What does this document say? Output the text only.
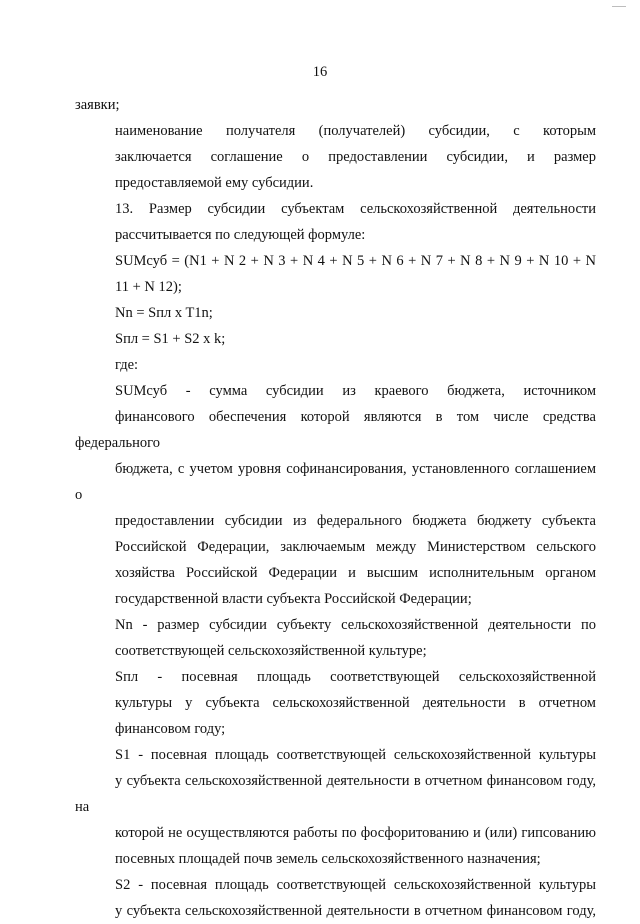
16

заявки;

наименование получателя (получателей) субсидии, с которым
заключается соглашение о предоставлении субсидии, и размер
предоставляемой ему субсидии.

13. Размер субсидии субъектам сельскохозяйственной деятельности
рассчитывается по следующей формуле:

SUMсуб = (N1 + N 2 + N 3 + N 4 + N 5 + N 6 + N 7 + N 8 + N 9 + N 10 + N
11 + N 12);

Nn = Sпл x T1n;

Sпл = S1 + S2 x k;

где:

SUMсуб - сумма субсидии из краевого бюджета, источником
финансового обеспечения которой являются в том числе средства федерального
бюджета, с учетом уровня софинансирования, установленного соглашением о
предоставлении субсидии из федерального бюджета бюджету субъекта
Российской Федерации, заключаемым между Министерством сельского
хозяйства Российской Федерации и высшим исполнительным органом
государственной власти субъекта Российской Федерации;

Nn - размер субсидии субъекту сельскохозяйственной деятельности по
соответствующей сельскохозяйственной культуре;

Sпл - посевная площадь соответствующей сельскохозяйственной
культуры у субъекта сельскохозяйственной деятельности в отчетном
финансовом году;

S1 - посевная площадь соответствующей сельскохозяйственной культуры
у субъекта сельскохозяйственной деятельности в отчетном финансовом году, на
которой не осуществляются работы по фосфоритованию и (или) гипсованию
посевных площадей почв земель сельскохозяйственного назначения;

S2 - посевная площадь соответствующей сельскохозяйственной культуры
у субъекта сельскохозяйственной деятельности в отчетном финансовом году,
